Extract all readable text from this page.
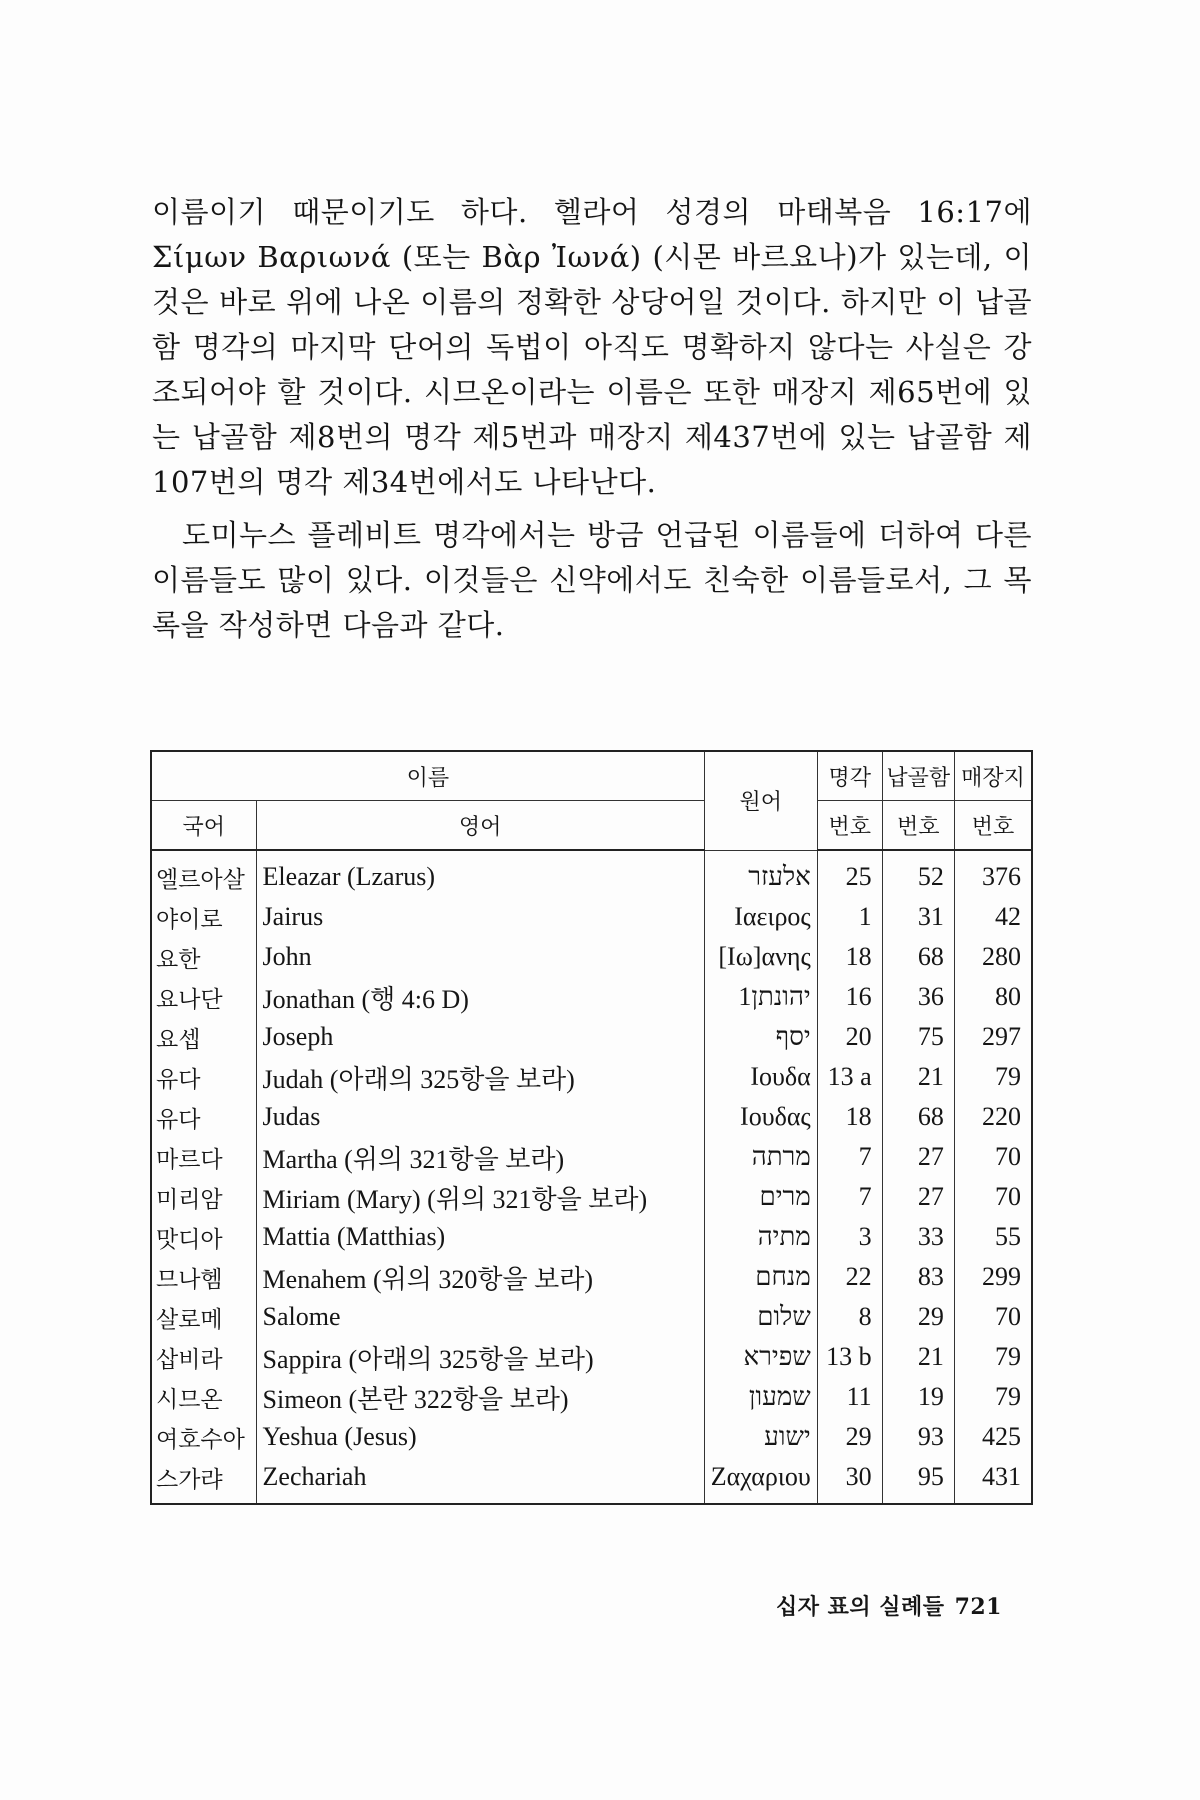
이름이기 때문이기도 하다. 헬라어 성경의 마태복음 16:17에 Σίμων Βαριωνά (또는 Βὰρ Ἰωνά) (시몬 바르요나)가 있는데, 이것은 바로 위에 나온 이름의 정확한 상당어일 것이다. 하지만 이 납골함 명각의 마지막 단어의 독법이 아직도 명확하지 않다는 사실은 강조되어야 할 것이다. 시므온이라는 이름은 또한 매장지 제65번에 있는 납골함 제8번의 명각 제5번과 매장지 제437번에 있는 납골함 제107번의 명각 제34번에서도 나타난다.

도미누스 플레비트 명각에서는 방금 언급된 이름들에 더하여 다른 이름들도 많이 있다. 이것들은 신약에서도 친숙한 이름들로서, 그 목록을 작성하면 다음과 같다.

이름		원어	명각	납골함	매장지
국어	영어		번호	번호	번호
엘르아살	Eleazar (Lzarus)	אלעזר	25	52	376
야이로	Jairus	Ιαειρος	1	31	42
요한	John	[Ιω]ανης	18	68	280
요나단	Jonathan (행 4:6 D)	יהונתן1	16	36	80
요셉	Joseph	יסף	20	75	297
유다	Judah (아래의 325항을 보라)	Ιουδα	13 a	21	79
유다	Judas	Ιουδας	18	68	220
마르다	Martha (위의 321항을 보라)	מרתה	7	27	70
미리암	Miriam (Mary) (위의 321항을 보라)	מרים	7	27	70
맛디아	Mattia (Matthias)	מתיה	3	33	55
므나헴	Menahem (위의 320항을 보라)	מנחם	22	83	299
살로메	Salome	שלום	8	29	70
삽비라	Sappira (아래의 325항을 보라)	שפירא	13 b	21	79
시므온	Simeon (본란 322항을 보라)	שמעון	11	19	79
여호수아	Yeshua (Jesus)	ישוע	29	93	425
스가랴	Zechariah	Ζαχαριου	30	95	431
십자 표의 실례들 721
